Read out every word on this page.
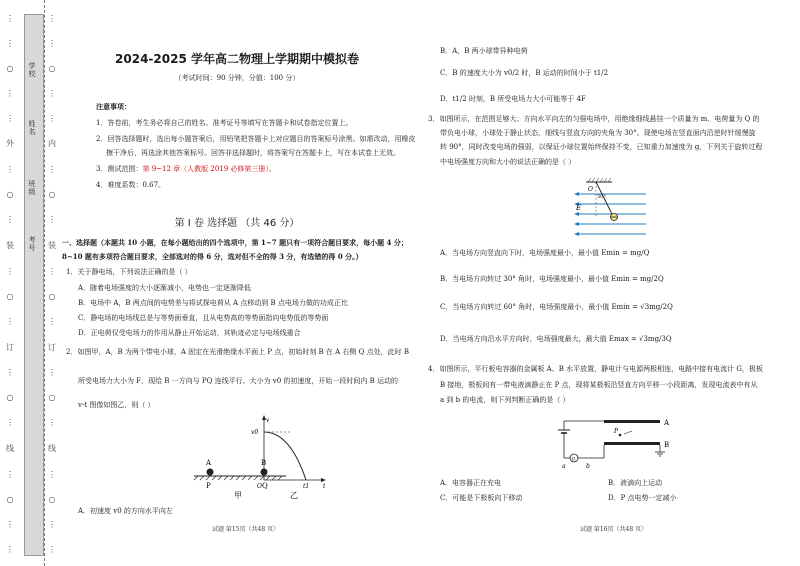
⋮
⋮
○
⋮
⋮
外
⋮
○
⋮
装
⋮
○
⋮
订
⋮
○
⋮
线
⋮
○
⋮
⋮
学校
姓名
班级
考号
⋮
⋮
○
⋮
⋮
内
⋮
○
⋮
装
⋮
○
⋮
订
⋮
○
⋮
线
⋮
○
⋮
⋮
2024-2025 学年高二物理上学期期中模拟卷
（考试时间：90 分钟，分值：100 分）
注意事项：
1．答卷前，考生务必将自己的姓名、准考证号等填写在答题卡和试卷指定位置上。
2．回答选择题时，选出每小题答案后，用铅笔把答题卡上对应题目的答案标号涂黑。如需改动，用橡皮
擦干净后，再选涂其他答案标号。回答非选择题时，将答案写在答题卡上，写在本试卷上无效。
3．测试范围：第 9~12 章（人教版 2019 必修第三册）。
4．难度系数：0.67。
第 I 卷 选择题 （共 46 分）
一、选择题（本题共 10 小题，在每小题给出的四个选项中，第 1~7 题只有一项符合题目要求，每小题 4 分；
8~10 题有多项符合题目要求，全部选对的得 6 分，选对但不全的得 3 分，有选错的得 0 分。）
1．关于静电场，下列说法正确的是（ ）
A．随着电场强度的大小逐渐减小，电势也一定逐渐降低
B．电场中 A，B 两点间的电势差与将试探电荷从 A 点移动到 B 点电场力做的功成正比
C．静电场的电场线总是与等势面垂直，且从电势高的等势面指向电势低的等势面
D．正电荷仅受电场力的作用从静止开始运动，其轨迹必定与电场线重合
2．如图甲，A，B 为两个带电小球，A 固定在光滑绝缘水平面上 P 点，初始时刻 B 在 A 右侧 Q 点处，此时 B
所受电场力大小为 F，现给 B 一方向与 PQ 连线平行、大小为 v0 的初速度，开始一段时间内 B 运动的
v-t 图像如图乙，则（ ）
A	B
P	Q
甲
v
v0
O	t
t1
乙
A．初速度 v0 的方向水平向左
试题 第15页（共48 页）
B．A，B 两小球带异种电荷
C．B 的速度大小为 v0/2 时，B 运动的时间小于 t1/2
D．t1/2 时刻，B 所受电场力大小可能等于 4F
3．如图所示，在范围足够大、方向水平向左的匀强电场中，用绝缘细线悬挂一个质量为 m、电荷量为 Q 的
带负电小球，小球处于静止状态，细线与竖直方向的夹角为 30°。现使电场在竖直面内沿逆时针缓慢旋
转 90°，同时改变电场的强弱，以保证小球位置始终保持不变，已知重力加速度为 g，下列关于旋转过程
中电场强度方向和大小的说法正确的是（ ）
O
30°
E
A．当电场方向竖直向下时，电场强度最小，最小值 Emin = mg/Q
B．当电场方向转过 30° 角时，电场强度最小，最小值 Emin = mg/2Q
C．当电场方向转过 60° 角时，电场强度最小，最小值 Emin = √3mg/2Q
D．当电场方向沿水平方向时，电场强度最大，最大值 Emax = √3mg/3Q
4．如图所示，平行板电容器的金属板 A、B 水平放置，静电计与电源两极相连，电路中接有电流计 G，极板
B 接地，极板间有一带电液滴静止在 P 点，现将某极板沿竖直方向平移一小段距离，发现电流表中有从
a 到 b 的电流，则下列判断正确的是（ ）
A
B
P
G
a	b
A．电容器正在充电	B．液滴向上运动
C．可能是下极板向下移动	D．P 点电势一定减小
试题 第16页（共48 页）
